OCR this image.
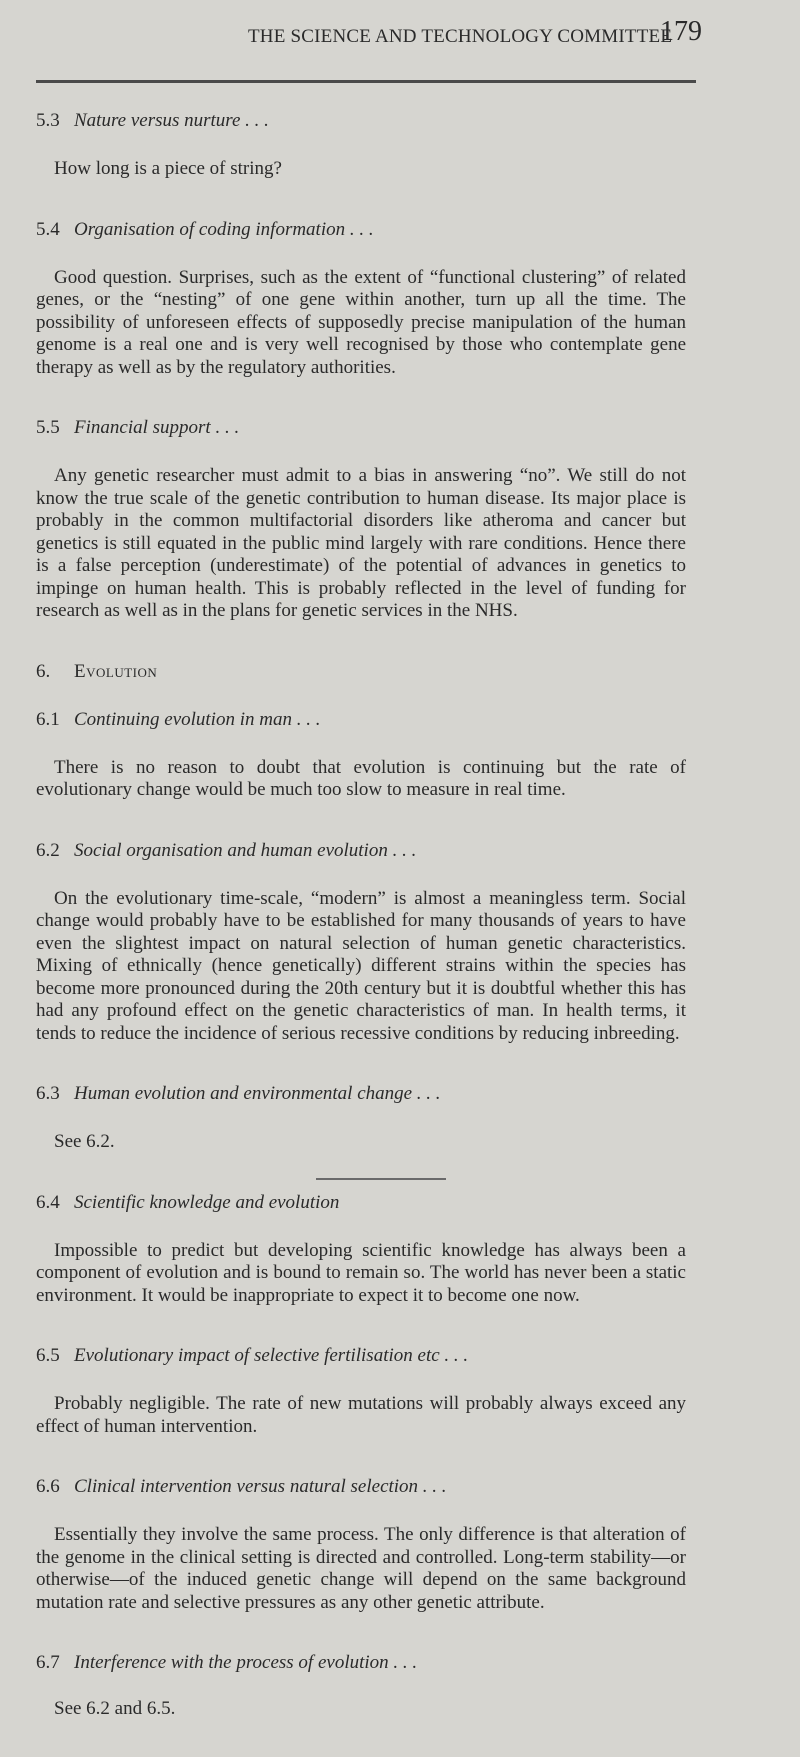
THE SCIENCE AND TECHNOLOGY COMMITTEE
179
5.3 Nature versus nurture . . .

How long is a piece of string?

5.4 Organisation of coding information . . .

Good question. Surprises, such as the extent of “functional clustering” of related genes, or the “nesting” of one gene within another, turn up all the time. The possibility of unforeseen effects of supposedly precise manipulation of the human genome is a real one and is very well recognised by those who contemplate gene therapy as well as by the regulatory authorities.

5.5 Financial support . . .

Any genetic researcher must admit to a bias in answering “no”. We still do not know the true scale of the genetic contribution to human disease. Its major place is probably in the common multifactorial disorders like atheroma and cancer but genetics is still equated in the public mind largely with rare conditions. Hence there is a false perception (underestimate) of the potential of advances in genetics to impinge on human health. This is probably reflected in the level of funding for research as well as in the plans for genetic services in the NHS.

6. Evolution
6.1 Continuing evolution in man . . .

There is no reason to doubt that evolution is continuing but the rate of evolutionary change would be much too slow to measure in real time.

6.2 Social organisation and human evolution . . .

On the evolutionary time-scale, “modern” is almost a meaningless term. Social change would probably have to be established for many thousands of years to have even the slightest impact on natural selection of human genetic characteristics. Mixing of ethnically (hence genetically) different strains within the species has become more pronounced during the 20th century but it is doubtful whether this has had any profound effect on the genetic characteristics of man. In health terms, it tends to reduce the incidence of serious recessive conditions by reducing inbreeding.

6.3 Human evolution and environmental change . . .

See 6.2.

6.4 Scientific knowledge and evolution

Impossible to predict but developing scientific knowledge has always been a component of evolution and is bound to remain so. The world has never been a static environment. It would be inappropriate to expect it to become one now.

6.5 Evolutionary impact of selective fertilisation etc . . .

Probably negligible. The rate of new mutations will probably always exceed any effect of human intervention.

6.6 Clinical intervention versus natural selection . . .

Essentially they involve the same process. The only difference is that alteration of the genome in the clinical setting is directed and controlled. Long-term stability—or otherwise—of the induced genetic change will depend on the same background mutation rate and selective pressures as any other genetic attribute.

6.7 Interference with the process of evolution . . .

See 6.2 and 6.5.
